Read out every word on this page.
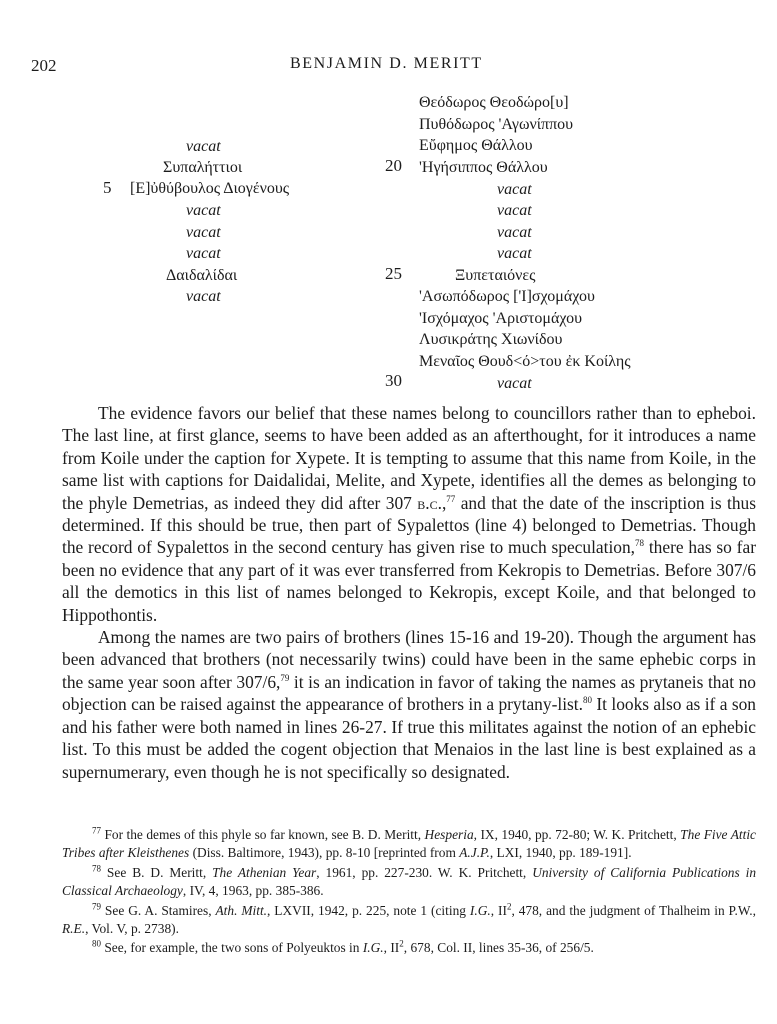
202	BENJAMIN D. MERITT
vacat
Συπαλήττιοι
5 [Ε]ὐθύβουλος Διογένους
vacat
vacat
vacat
Δαιδαλίδαι
vacat
Θεόδωρος Θεοδώρο[υ]
Πυθόδωρος 'Αγωνίππου
Εὔφημος Θάλλου
20 'Ηγήσιππος Θάλλου
vacat
vacat
vacat
vacat
25	Ξυπεταιόνες
'Ασωπόδωρος ['Ι]σχομάχου
'Ισχόμαχος 'Αριστομάχου
Λυσικράτης Χιωνίδου
Μεναῖος Θουδ<ό>του ἐκ Κοίλης
30	vacat

The evidence favors our belief that these names belong to councillors rather than to epheboi. The last line, at first glance, seems to have been added as an afterthought, for it introduces a name from Koile under the caption for Xypete. It is tempting to assume that this name from Koile, in the same list with captions for Daidalidai, Melite, and Xypete, identifies all the demes as belonging to the phyle Demetrias, as indeed they did after 307 b.c.,$^{77}$ and that the date of the inscription is thus determined. If this should be true, then part of Sypalettos (line 4) belonged to Demetrias. Though the record of Sypalettos in the second century has given rise to much speculation,$^{78}$ there has so far been no evidence that any part of it was ever transferred from Kekropis to Demetrias. Before 307/6 all the demotics in this list of names belonged to Kekropis, except Koile, and that belonged to Hippothontis.

Among the names are two pairs of brothers (lines 15-16 and 19-20). Though the argument has been advanced that brothers (not necessarily twins) could have been in the same ephebic corps in the same year soon after 307/6,79 it is an indication in favor of taking the names as prytaneis that no objection can be raised against the appearance of brothers in a prytany-list.$^{80}$ It looks also as if a son and his father were both named in lines 26-27. If true this militates against the notion of an ephebic list. To this must be added the cogent objection that Menaios in the last line is best explained as a supernumerary, even though he is not specifically so designated.

$^{77}$ For the demes of this phyle so far known, see B. D. Meritt, Hesperia, IX, 1940, pp. 72-80; W. K. Pritchett, The Five Attic Tribes after Kleisthenes (Diss. Baltimore, 1943), pp. 8-10 [reprinted from A.J.P., LXI, 1940, pp. 189-191].

$^{78}$ See B. D. Meritt, The Athenian Year, 1961, pp. 227-230. W. K. Pritchett, University of California Publications in Classical Archaeology, IV, 4, 1963, pp. 385-386.

$^{79}$ See G. A. Stamires, Ath. Mitt., LXVII, 1942, p. 225, note 1 (citing I.G., $II^2$, 478, and the judgment of Thalheim in P.W., R.E., Vol. V, p. 2738).

$^{80}$ See, for example, the two sons of Polyeuktos in I.G., $II^2$, 678, Col. II, lines 35-36, of 256/5.
